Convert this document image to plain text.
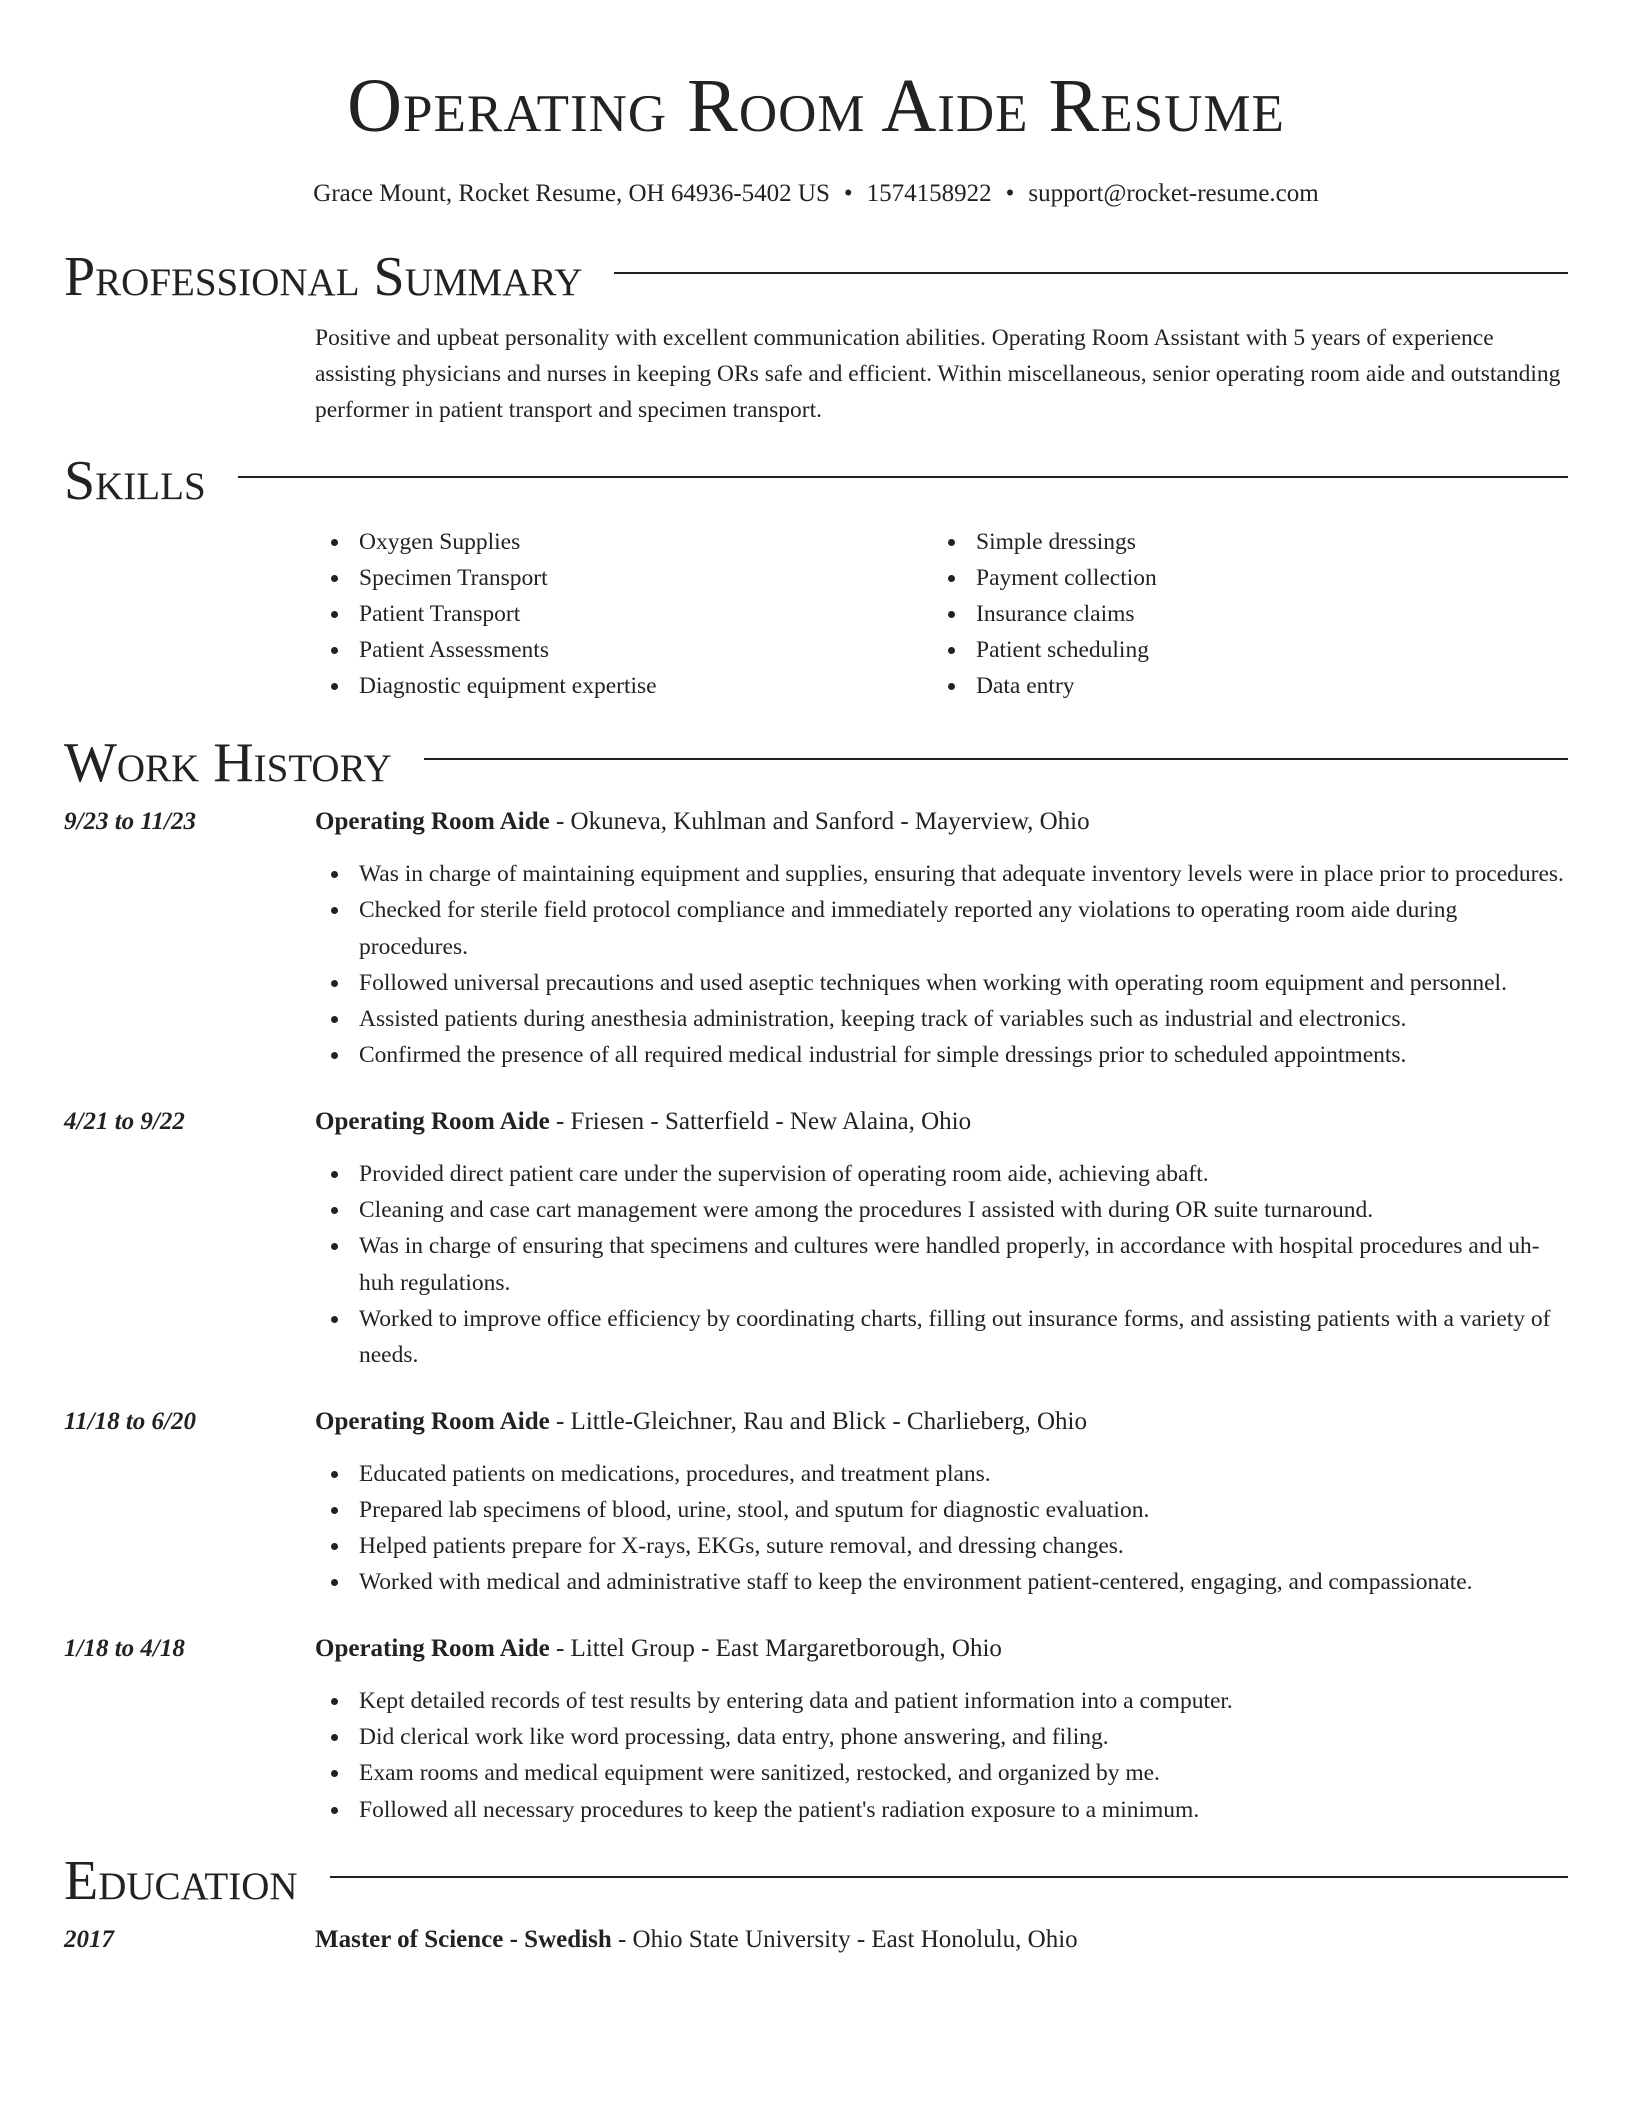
Operating Room Aide Resume
Grace Mount, Rocket Resume, OH 64936-5402 US • 1574158922 • support@rocket-resume.com
Professional Summary
Positive and upbeat personality with excellent communication abilities. Operating Room Assistant with 5 years of experience assisting physicians and nurses in keeping ORs safe and efficient. Within miscellaneous, senior operating room aide and outstanding performer in patient transport and specimen transport.
Skills
Oxygen Supplies
Specimen Transport
Patient Transport
Patient Assessments
Diagnostic equipment expertise
Simple dressings
Payment collection
Insurance claims
Patient scheduling
Data entry
Work History
9/23 to 11/23	Operating Room Aide - Okuneva, Kuhlman and Sanford - Mayerview, Ohio
Was in charge of maintaining equipment and supplies, ensuring that adequate inventory levels were in place prior to procedures.
Checked for sterile field protocol compliance and immediately reported any violations to operating room aide during procedures.
Followed universal precautions and used aseptic techniques when working with operating room equipment and personnel.
Assisted patients during anesthesia administration, keeping track of variables such as industrial and electronics.
Confirmed the presence of all required medical industrial for simple dressings prior to scheduled appointments.
4/21 to 9/22	Operating Room Aide - Friesen - Satterfield - New Alaina, Ohio
Provided direct patient care under the supervision of operating room aide, achieving abaft.
Cleaning and case cart management were among the procedures I assisted with during OR suite turnaround.
Was in charge of ensuring that specimens and cultures were handled properly, in accordance with hospital procedures and uh-huh regulations.
Worked to improve office efficiency by coordinating charts, filling out insurance forms, and assisting patients with a variety of needs.
11/18 to 6/20	Operating Room Aide - Little-Gleichner, Rau and Blick - Charlieberg, Ohio
Educated patients on medications, procedures, and treatment plans.
Prepared lab specimens of blood, urine, stool, and sputum for diagnostic evaluation.
Helped patients prepare for X-rays, EKGs, suture removal, and dressing changes.
Worked with medical and administrative staff to keep the environment patient-centered, engaging, and compassionate.
1/18 to 4/18	Operating Room Aide - Littel Group - East Margaretborough, Ohio
Kept detailed records of test results by entering data and patient information into a computer.
Did clerical work like word processing, data entry, phone answering, and filing.
Exam rooms and medical equipment were sanitized, restocked, and organized by me.
Followed all necessary procedures to keep the patient's radiation exposure to a minimum.
Education
2017	Master of Science - Swedish - Ohio State University - East Honolulu, Ohio
